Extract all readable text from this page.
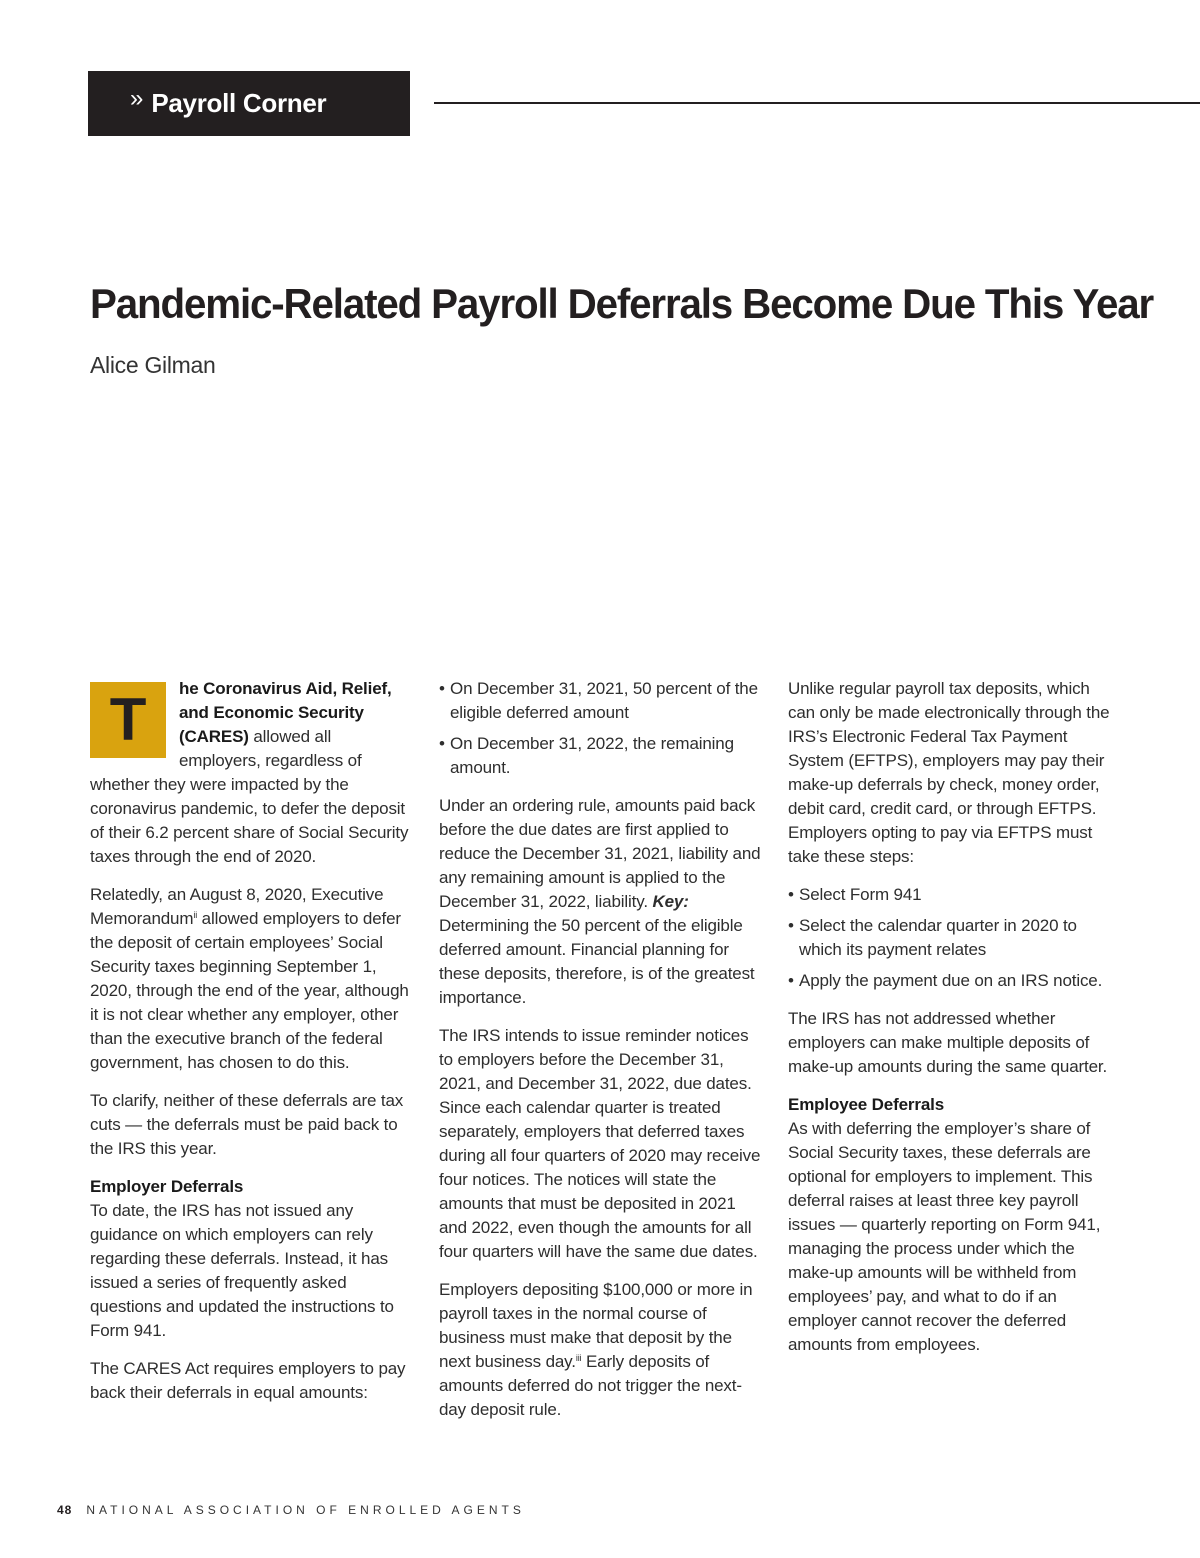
» Payroll Corner
Pandemic-Related Payroll Deferrals Become Due This Year
Alice Gilman

T	he Coronavirus Aid, Relief, and Economic Security (CARES) allowed all employers, regardless of whether they were impacted by the coronavirus pandemic, to defer the deposit of their 6.2 percent share of Social Security taxes through the end of 2020.

Relatedly, an August 8, 2020, Executive Memorandum$^{ii}$ allowed employers to defer the deposit of certain employees’ Social Security taxes beginning September 1, 2020, through the end of the year, although it is not clear whether any employer, other than the executive branch of the federal government, has chosen to do this.

To clarify, neither of these deferrals are tax cuts — the deferrals must be paid back to the IRS this year.

Employer Deferrals
To date, the IRS has not issued any guidance on which employers can rely regarding these deferrals. Instead, it has issued a series of frequently asked questions and updated the instructions to Form 941.

The CARES Act requires employers to pay back their deferrals in equal amounts:

• On December 31, 2021, 50 percent of the eligible deferred amount
• On December 31, 2022, the remaining amount.

Under an ordering rule, amounts paid back before the due dates are first applied to reduce the December 31, 2021, liability and any remaining amount is applied to the December 31, 2022, liability. Key: Determining the 50 percent of the eligible deferred amount. Financial planning for these deposits, therefore, is of the greatest importance.

The IRS intends to issue reminder notices to employers before the December 31, 2021, and December 31, 2022, due dates. Since each calendar quarter is treated separately, employers that deferred taxes during all four quarters of 2020 may receive four notices. The notices will state the amounts that must be deposited in 2021 and 2022, even though the amounts for all four quarters will have the same due dates.

Employers depositing $100,000 or more in payroll taxes in the normal course of business must make that deposit by the next business day.$^{iii}$ Early deposits of amounts deferred do not trigger the next-day deposit rule.

Unlike regular payroll tax deposits, which can only be made electronically through the IRS’s Electronic Federal Tax Payment System (EFTPS), employers may pay their make-up deferrals by check, money order, debit card, credit card, or through EFTPS. Employers opting to pay via EFTPS must take these steps:

• Select Form 941
• Select the calendar quarter in 2020 to which its payment relates
• Apply the payment due on an IRS notice.

The IRS has not addressed whether employers can make multiple deposits of make-up amounts during the same quarter.

Employee Deferrals
As with deferring the employer’s share of Social Security taxes, these deferrals are optional for employers to implement. This deferral raises at least three key payroll issues — quarterly reporting on Form 941, managing the process under which the make-up amounts will be withheld from employees’ pay, and what to do if an employer cannot recover the deferred amounts from employees.

48 NATIONAL ASSOCIATION OF ENROLLED AGENTS
